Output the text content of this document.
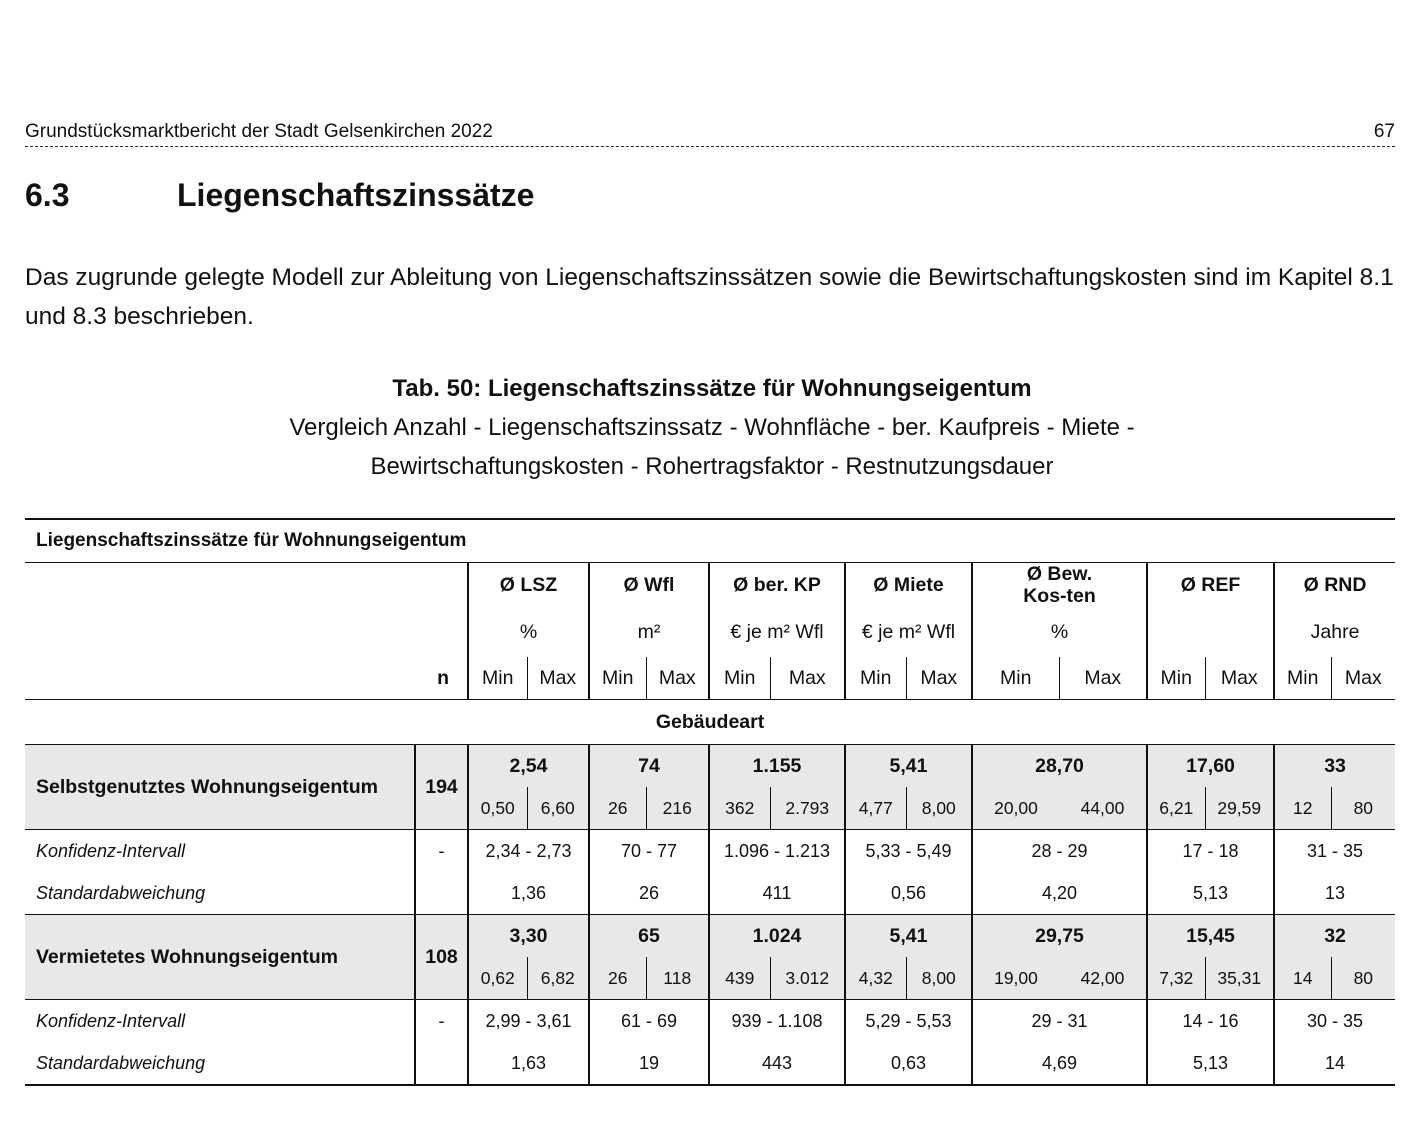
Grundstücksmarktbericht der Stadt Gelsenkirchen 2022	67
6.3	Liegenschaftszinssätze

Das zugrunde gelegte Modell zur Ableitung von Liegenschaftszinssätzen sowie die Bewirtschaftungskosten sind im Kapitel 8.1 und 8.3 beschrieben.

Tab. 50: Liegenschaftszinssätze für Wohnungseigentum
Vergleich Anzahl - Liegenschaftszinssatz - Wohnfläche - ber. Kaufpreis - Miete - Bewirtschaftungskosten - Rohertragsfaktor - Restnutzungsdauer
Liegenschaftszinssätze für Wohnungseigentum															
		Ø LSZ		Ø Wfl		Ø ber. KP		Ø Miete		Ø Bew. Kos-ten		Ø REF		Ø RND	
		%		m²		€ je m² Wfl		€ je m² Wfl		%				Jahre	
	n	Min	Max	Min	Max	Min	Max	Min	Max	Min	Max	Min	Max	Min	Max
Gebäudeart															
Selbstgenutztes Wohnungseigentum	194	2,54		74		1.155		5,41		28,70		17,60		33	
		0,50	6,60	26	216	362	2.793	4,77	8,00	20,00	44,00	6,21	29,59	12	80
Konfidenz-Intervall	-	2,34 - 2,73		70 - 77		1.096 - 1.213		5,33 - 5,49		28 - 29		17 - 18		31 - 35	
Standardabweichung		1,36		26		411		0,56		4,20		5,13		13	
Vermietetes Wohnungseigentum	108	3,30		65		1.024		5,41		29,75		15,45		32	
		0,62	6,82	26	118	439	3.012	4,32	8,00	19,00	42,00	7,32	35,31	14	80
Konfidenz-Intervall	-	2,99 - 3,61		61 - 69		939 - 1.108		5,29 - 5,53		29 - 31		14 - 16		30 - 35	
Standardabweichung		1,63		19		443		0,63		4,69		5,13		14	
